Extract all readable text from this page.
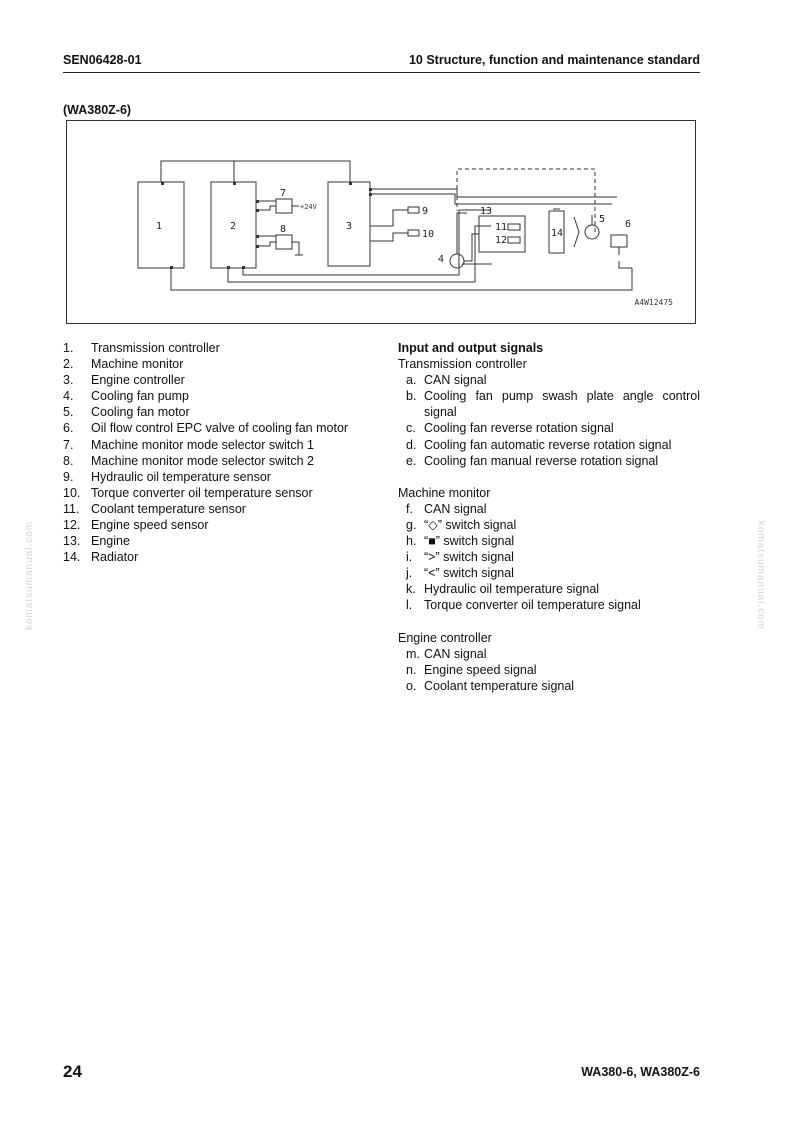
SEN06428-01	10 Structure, function and maintenance standard
(WA380Z-6)
+24V
1	2	3
4
5 6
7
8
9
10
11
12
13
14
A4W12475
1.	Transmission controller
2.	Machine monitor
3.	Engine controller
4.	Cooling fan pump
5.	Cooling fan motor
6.	Oil flow control EPC valve of cooling fan motor
7.	Machine monitor mode selector switch 1
8.	Machine monitor mode selector switch 2
9.	Hydraulic oil temperature sensor
10. Torque converter oil temperature sensor
11. Coolant temperature sensor
12. Engine speed sensor
13. Engine
14. Radiator
Input and output signals
Transmission controller
a. CAN signal
b. Cooling fan pump swash plate angle control signal
c. Cooling fan reverse rotation signal
d. Cooling fan automatic reverse rotation signal
e. Cooling fan manual reverse rotation signal
Machine monitor
f. CAN signal
g. “◇” switch signal
h. “■” switch signal
i. “>” switch signal
j. “<” switch signal
k. Hydraulic oil temperature signal
l. Torque converter oil temperature signal
Engine controller
m. CAN signal
n. Engine speed signal
o. Coolant temperature signal
komatsumanual.com	komatsumanual.com
24	WA380-6, WA380Z-6
